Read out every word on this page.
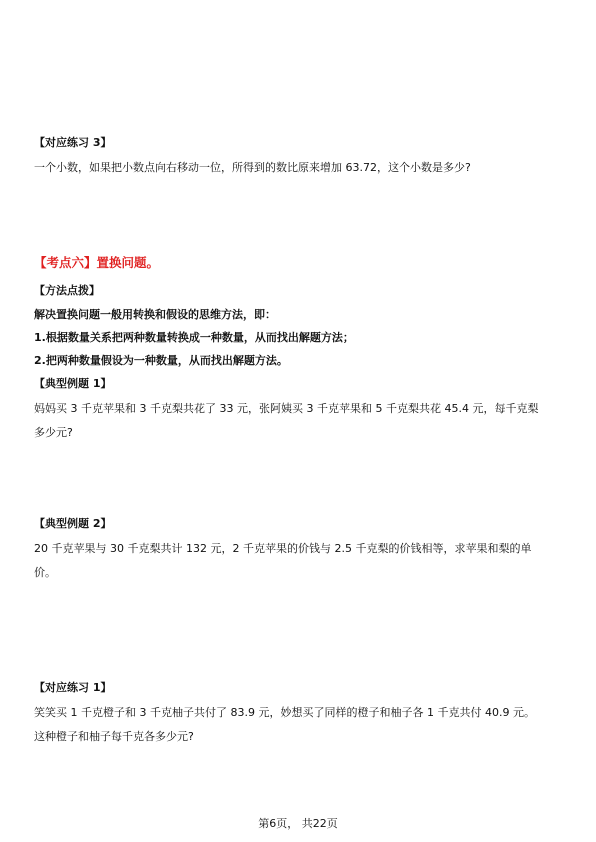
【对应练习 3】
一个小数，如果把小数点向右移动一位，所得到的数比原来增加 63.72，这个小数是多少?
【考点六】置换问题。
【方法点拨】
解决置换问题一般用转换和假设的思维方法，即：
1.根据数量关系把两种数量转换成一种数量，从而找出解题方法；
2.把两种数量假设为一种数量，从而找出解题方法。
【典型例题 1】
妈妈买 3 千克苹果和 3 千克梨共花了 33 元，张阿姨买 3 千克苹果和 5 千克梨共花 45.4 元，每千克梨
多少元?
【典型例题 2】
20 千克苹果与 30 千克梨共计 132 元，2 千克苹果的价钱与 2.5 千克梨的价钱相等，求苹果和梨的单
价。
【对应练习 1】
笑笑买 1 千克橙子和 3 千克柚子共付了 83.9 元，妙想买了同样的橙子和柚子各 1 千克共付 40.9 元。
这种橙子和柚子每千克各多少元?
第6页， 共22页
